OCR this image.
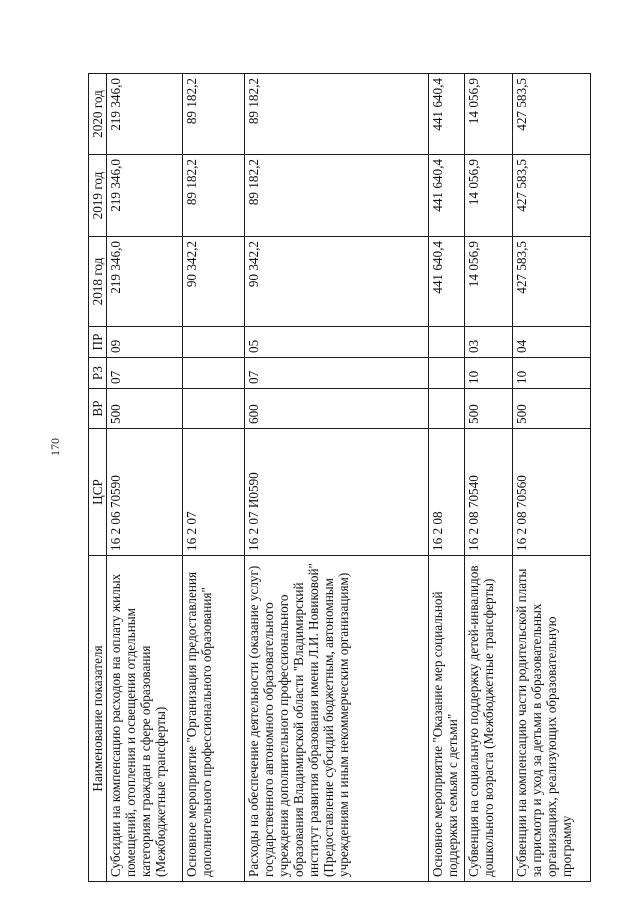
170
Наименование показателя	ЦСР	ВР	РЗ	ПР	2018 год	2019 год	2020 год
Субсидии на компенсацию расходов на оплату жилых помещений, отопления и освещения отдельным категориям граждан в сфере образования (Межбюджетные трансферты)	16 2 06 70590	500	07	09	219 346,0	219 346,0	219 346,0
Основное мероприятие "Организация предоставления дополнительного профессионального образования"	16 2 07				90 342,2	89 182,2	89 182,2
Расходы на обеспечение деятельности (оказание услуг) государственного автономного образовательного учреждения дополнительного профессионального образования Владимирской области "Владимирский институт развития образования имени Л.И. Новиковой" (Предоставление субсидий бюджетным, автономным учреждениям и иным некоммерческим организациям)	16 2 07 И0590	600	07	05	90 342,2	89 182,2	89 182,2
Основное мероприятие "Оказание мер социальной поддержки семьям с детьми"	16 2 08				441 640,4	441 640,4	441 640,4
Субвенция на социальную поддержку детей-инвалидов дошкольного возраста (Межбюджетные трансферты)	16 2 08 70540	500	10	03	14 056,9	14 056,9	14 056,9
Субвенции на компенсацию части родительской платы за присмотр и уход за детьми в образовательных организациях, реализующих образовательную программу	16 2 08 70560	500	10	04	427 583,5	427 583,5	427 583,5
